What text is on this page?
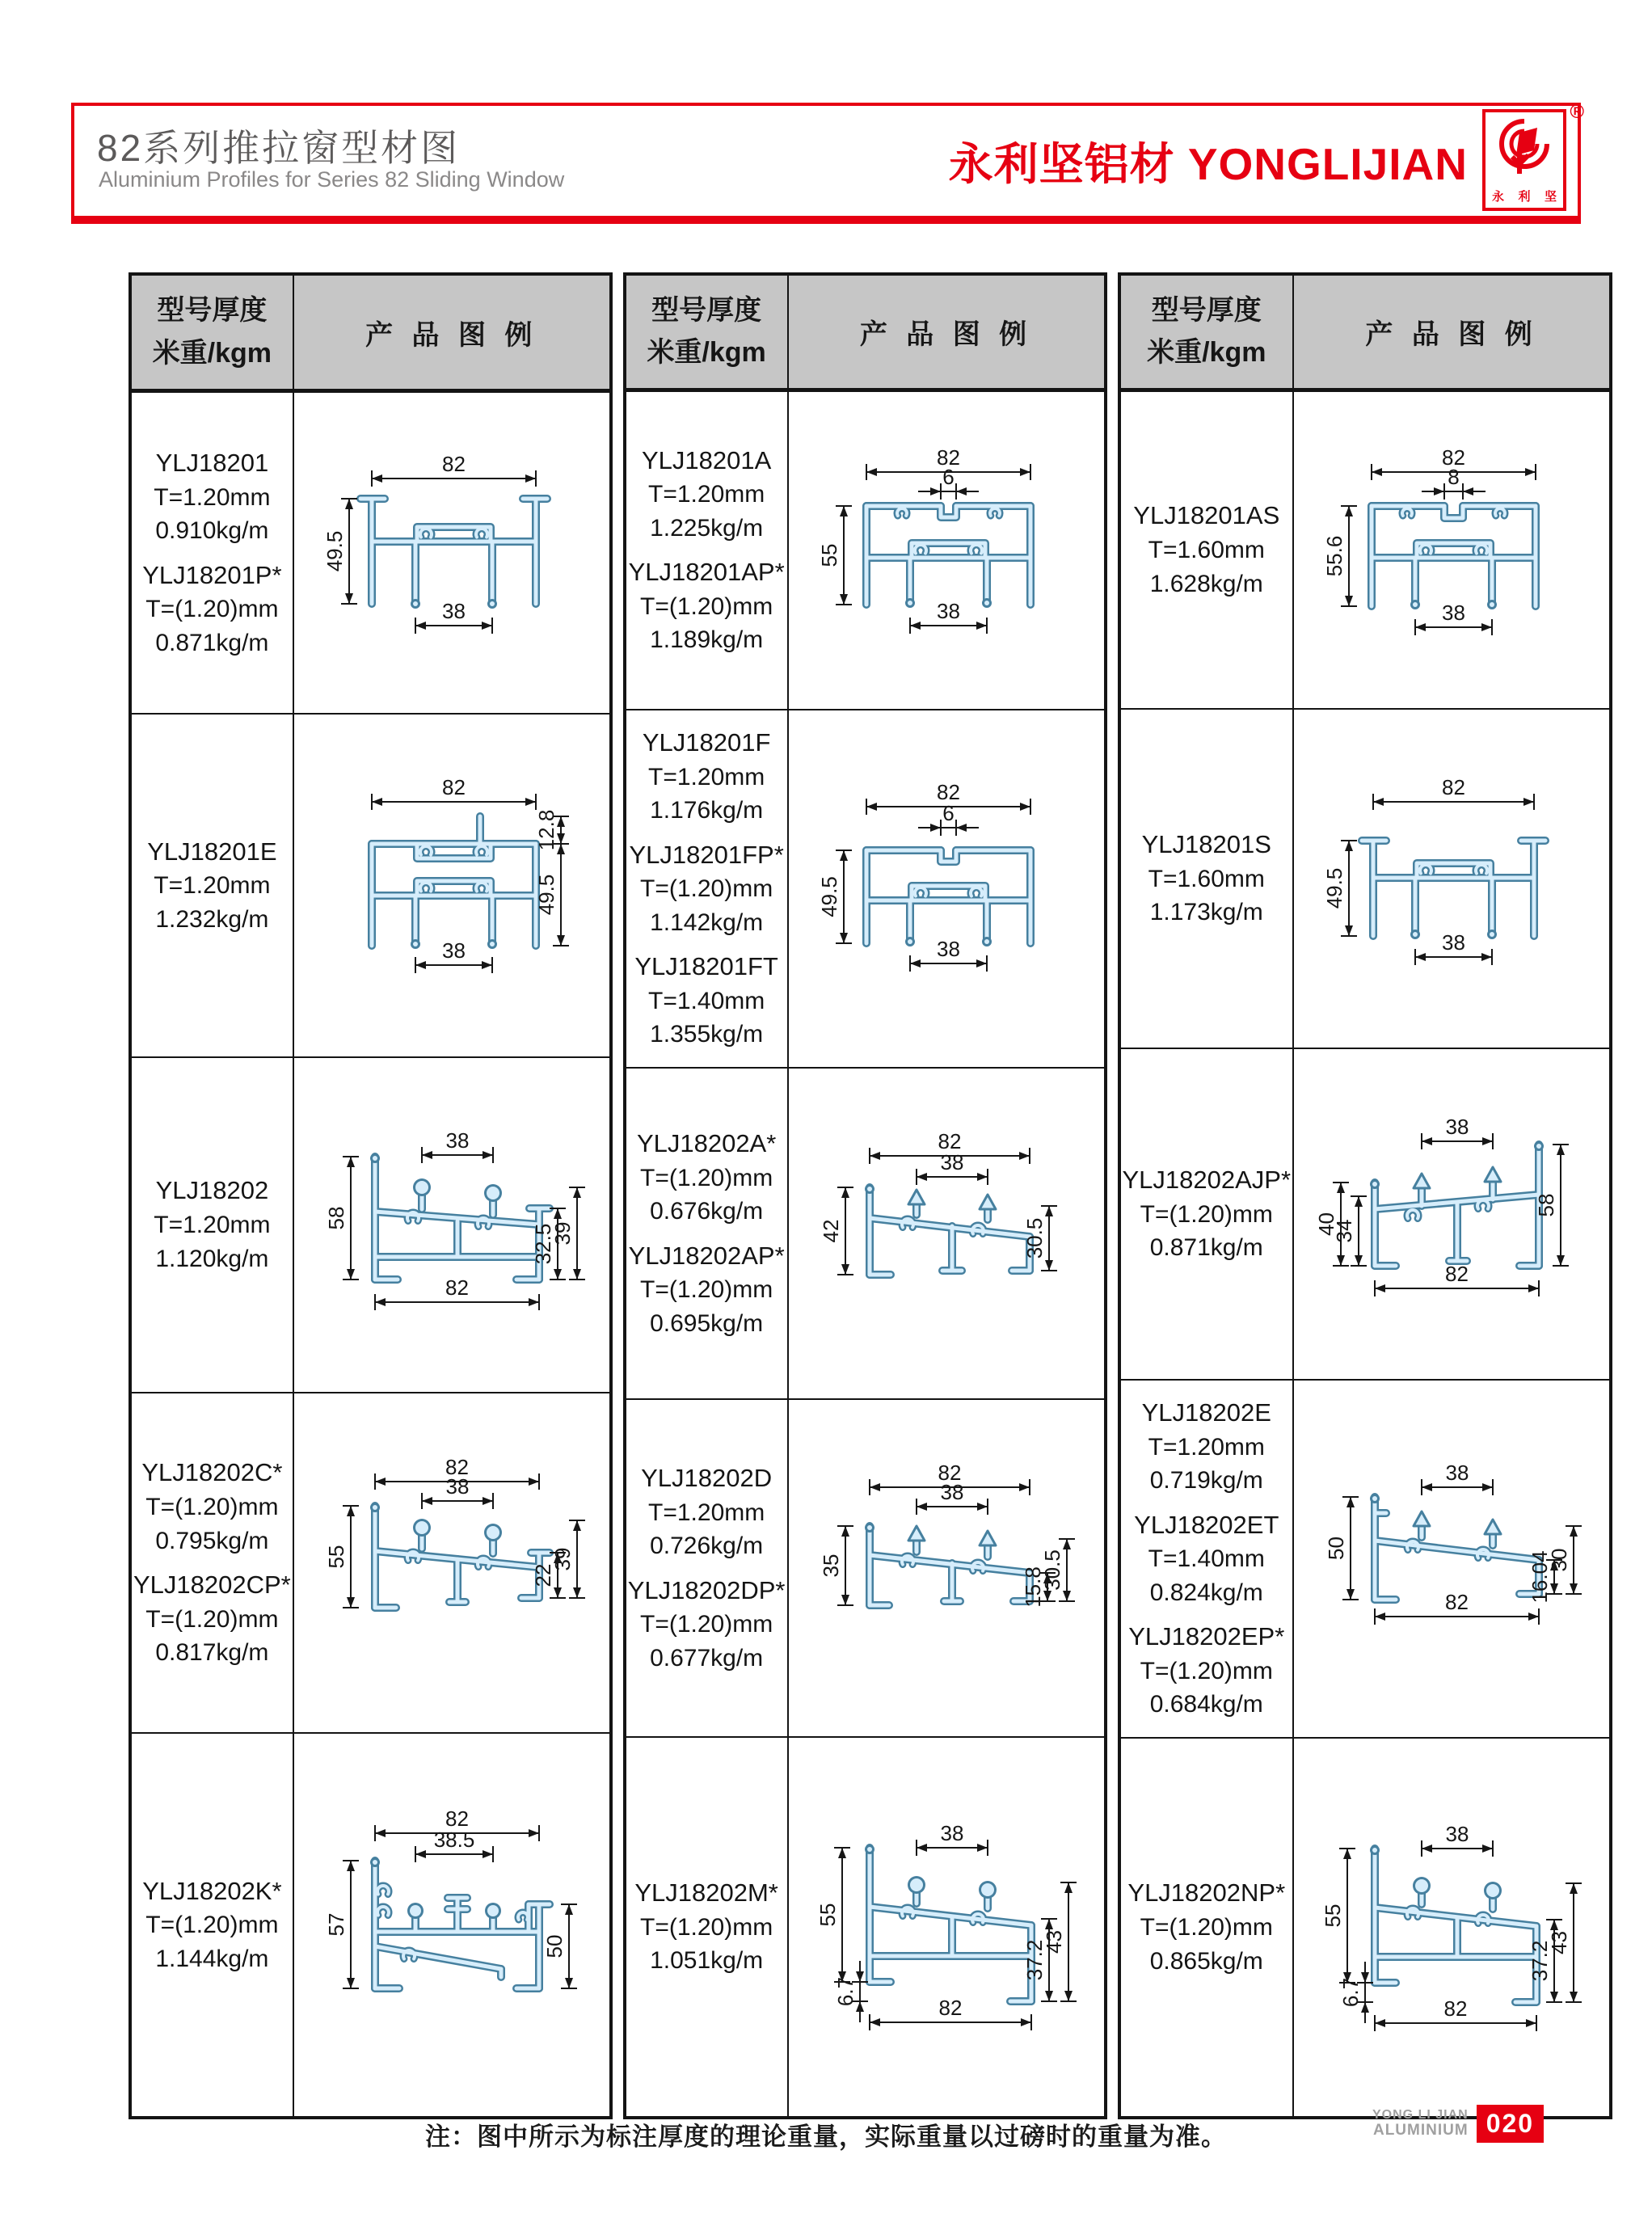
82系列推拉窗型材图
Aluminium Profiles for Series 82 Sliding Window	永利坚铝材 YONGLIJIAN
®
永 利 坚
型号厚度
米重/kgm	产 品 图 例

YLJ18201
T=1.20mm
0.910kg/m
YLJ18201P*
T=(1.20)mm
0.871kg/m

82
49.5
38

YLJ18201E
T=1.20mm
1.232kg/m

82
12.8
49.5
38

YLJ18202
T=1.20mm
1.120kg/m

38
58
32.5
39
82

YLJ18202C*
T=(1.20)mm
0.795kg/m
YLJ18202CP*
T=(1.20)mm
0.817kg/m

82
38
55
22
39

YLJ18202K*
T=(1.20)mm
1.144kg/m

82
38.5
57
50
型号厚度
米重/kgm	产 品 图 例

YLJ18201A
T=1.20mm
1.225kg/m
YLJ18201AP*
T=(1.20)mm
1.189kg/m

82
6
55
38

YLJ18201F
T=1.20mm
1.176kg/m
YLJ18201FP*
T=(1.20)mm
1.142kg/m
YLJ18201FT
T=1.40mm
1.355kg/m

82
6
49.5
38

YLJ18202A*
T=(1.20)mm
0.676kg/m
YLJ18202AP*
T=(1.20)mm
0.695kg/m

82
38
42	30.5

YLJ18202D
T=1.20mm
0.726kg/m
YLJ18202DP*
T=(1.20)mm
0.677kg/m

82
38
35
15.8
30.5

YLJ18202M*
T=(1.20)mm
1.051kg/m

38
55
37.2
43
6.7
82
型号厚度
米重/kgm	产 品 图 例

YLJ18201AS
T=1.60mm
1.628kg/m

82
8
55.6
38

YLJ18201S
T=1.60mm
1.173kg/m

82
49.5
38

YLJ18202AJP*
T=(1.20)mm
0.871kg/m

38
40
34
58
82

YLJ18202E
T=1.20mm
0.719kg/m
YLJ18202ET
T=1.40mm
0.824kg/m
YLJ18202EP*
T=(1.20)mm
0.684kg/m

38
50
16.04
30
82

YLJ18202NP*
T=(1.20)mm
0.865kg/m

38
55
37.2
43
6.7
82
注：图中所示为标注厚度的理论重量，实际重量以过磅时的重量为准。
YONG LI JIAN
ALUMINIUM 020
